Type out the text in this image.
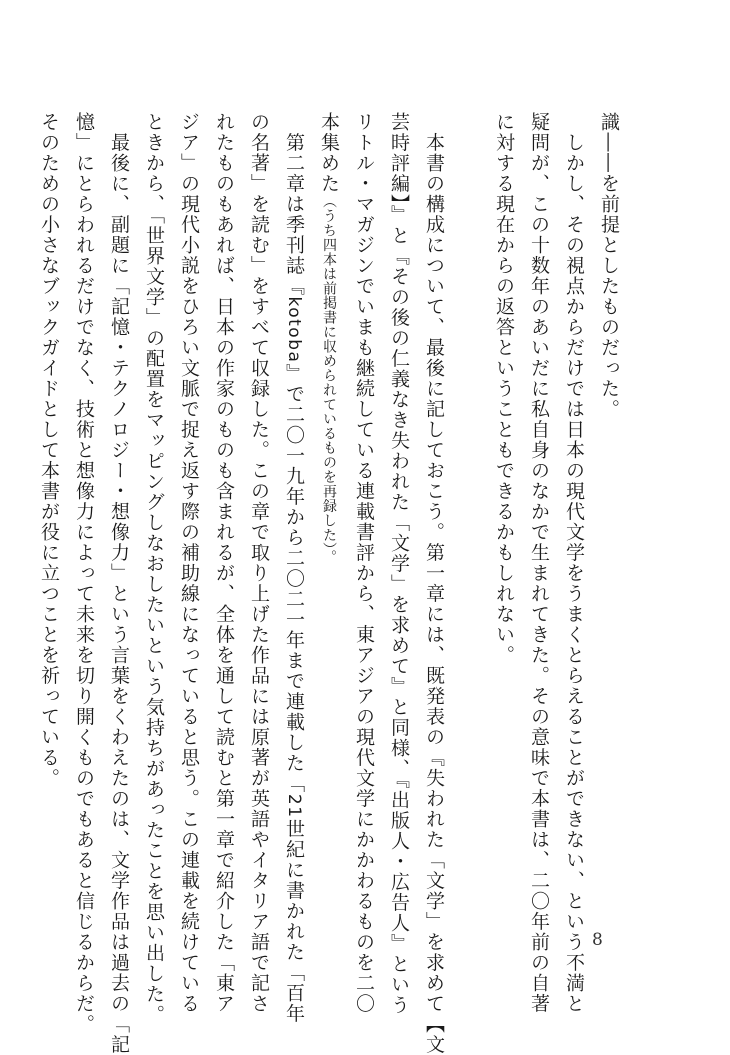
識――を前提としたものだった。
　しかし、その視点からだけでは日本の現代文学をうまくとらえることができない、という不満と
疑問が、この十数年のあいだに私自身のなかで生まれてきた。その意味で本書は、二〇年前の自著
に対する現在からの返答ということもできるかもしれない。
　本書の構成について、最後に記しておこう。第一章には、既発表の『失われた「文学」を求めて【文
芸時評編】』と『その後の仁義なき失われた「文学」を求めて』と同様、『出版人・広告人』という
リトル・マガジンでいまも継続している連載書評から、東アジアの現代文学にかかわるものを二〇
本集めた（うち四本は前掲書に収められているものを再録した）。
　第二章は季刊誌『kotoba』で二〇一九年から二〇二一年まで連載した「21世紀に書かれた「百年
の名著」を読む」をすべて収録した。この章で取り上げた作品には原著が英語やイタリア語で記さ
れたものもあれば、日本の作家のものも含まれるが、全体を通して読むと第一章で紹介した「東ア
ジア」の現代小説をひろい文脈で捉え返す際の補助線になっていると思う。この連載を続けている
ときから、「世界文学」の配置をマッピングしなおしたいという気持ちがあったことを思い出した。
　最後に、副題に「記憶・テクノロジー・想像力」という言葉をくわえたのは、文学作品は過去の「記
憶」にとらわれるだけでなく、技術と想像力によって未来を切り開くものでもあると信じるからだ。
そのための小さなブックガイドとして本書が役に立つことを祈っている。
8
